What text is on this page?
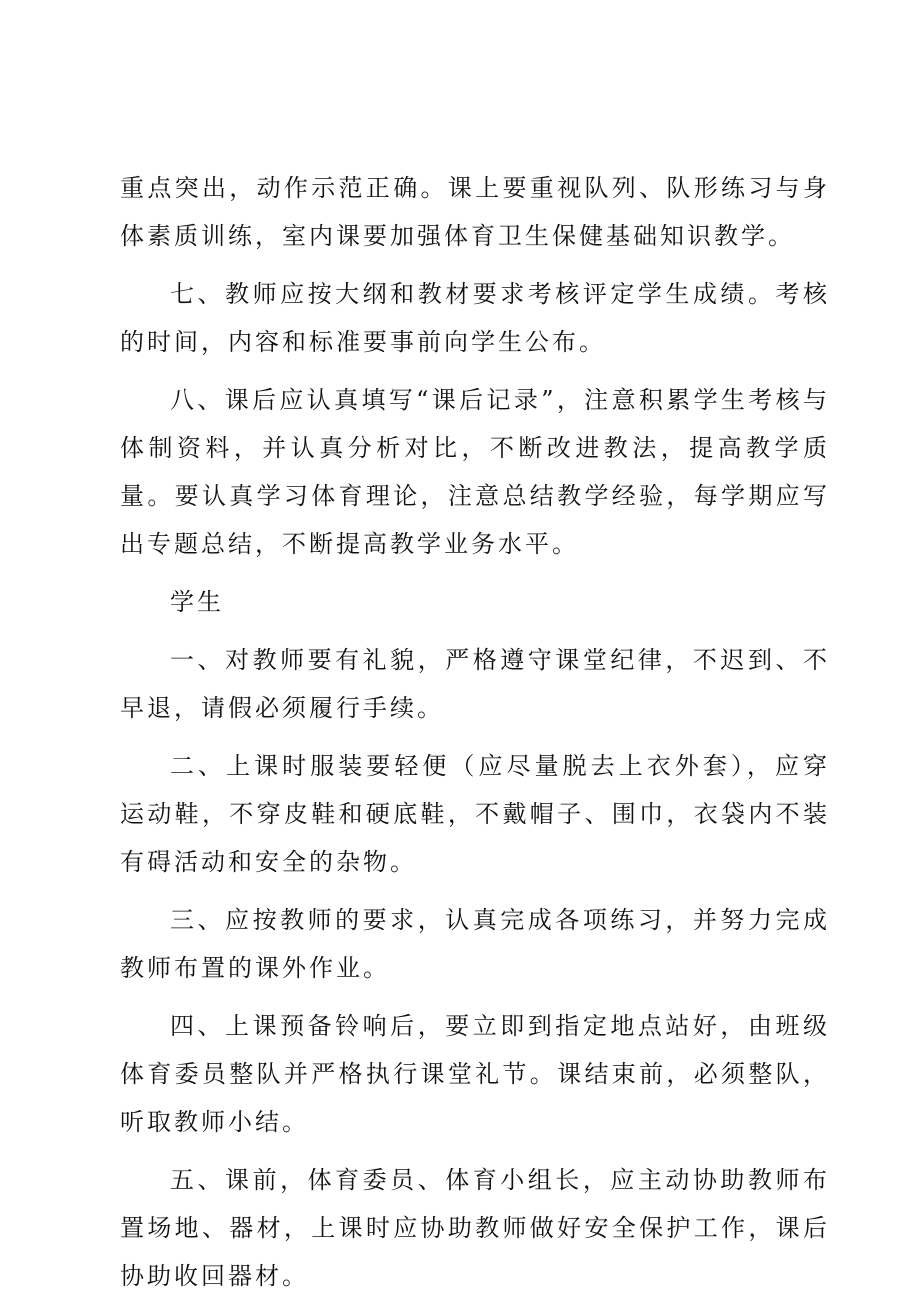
重点突出，动作示范正确。课上要重视队列、队形练习与身体素质训练，室内课要加强体育卫生保健基础知识教学。

七、教师应按大纲和教材要求考核评定学生成绩。考核的时间，内容和标准要事前向学生公布。

八、课后应认真填写“课后记录”，注意积累学生考核与体制资料，并认真分析对比，不断改进教法，提高教学质量。要认真学习体育理论，注意总结教学经验，每学期应写出专题总结，不断提高教学业务水平。

学生

一、对教师要有礼貌，严格遵守课堂纪律，不迟到、不早退，请假必须履行手续。

二、上课时服装要轻便（应尽量脱去上衣外套），应穿运动鞋，不穿皮鞋和硬底鞋，不戴帽子、围巾，衣袋内不装有碍活动和安全的杂物。

三、应按教师的要求，认真完成各项练习，并努力完成教师布置的课外作业。

四、上课预备铃响后，要立即到指定地点站好，由班级体育委员整队并严格执行课堂礼节。课结束前，必须整队，听取教师小结。

五、课前，体育委员、体育小组长，应主动协助教师布置场地、器材，上课时应协助教师做好安全保护工作，课后协助收回器材。
